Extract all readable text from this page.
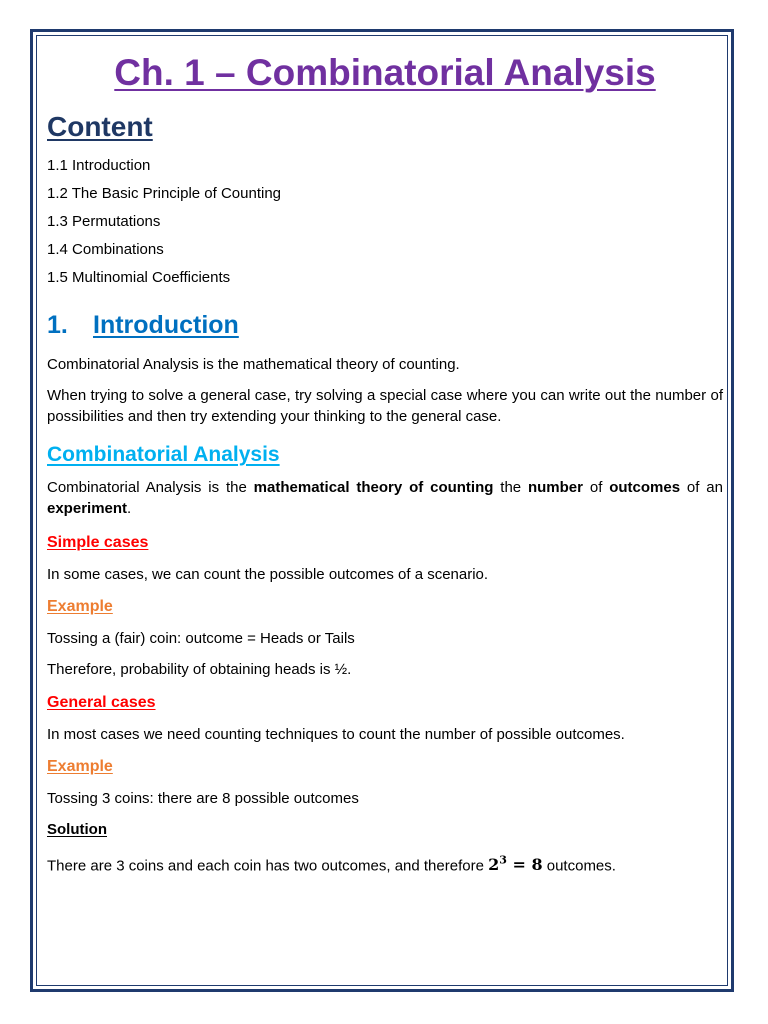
Ch. 1 – Combinatorial Analysis
Content
1.1 Introduction
1.2 The Basic Principle of Counting
1.3 Permutations
1.4 Combinations
1.5 Multinomial Coefficients
1. Introduction

Combinatorial Analysis is the mathematical theory of counting.

When trying to solve a general case, try solving a special case where you can write out the number of possibilities and then try extending your thinking to the general case.

Combinatorial Analysis

Combinatorial Analysis is the mathematical theory of counting the number of outcomes of an experiment.

Simple cases

In some cases, we can count the possible outcomes of a scenario.

Example

Tossing a (fair) coin: outcome = Heads or Tails

Therefore, probability of obtaining heads is ½.

General cases

In most cases we need counting techniques to count the number of possible outcomes.

Example

Tossing 3 coins: there are 8 possible outcomes

Solution

There are 3 coins and each coin has two outcomes, and therefore $2^3 = 8$ outcomes.
